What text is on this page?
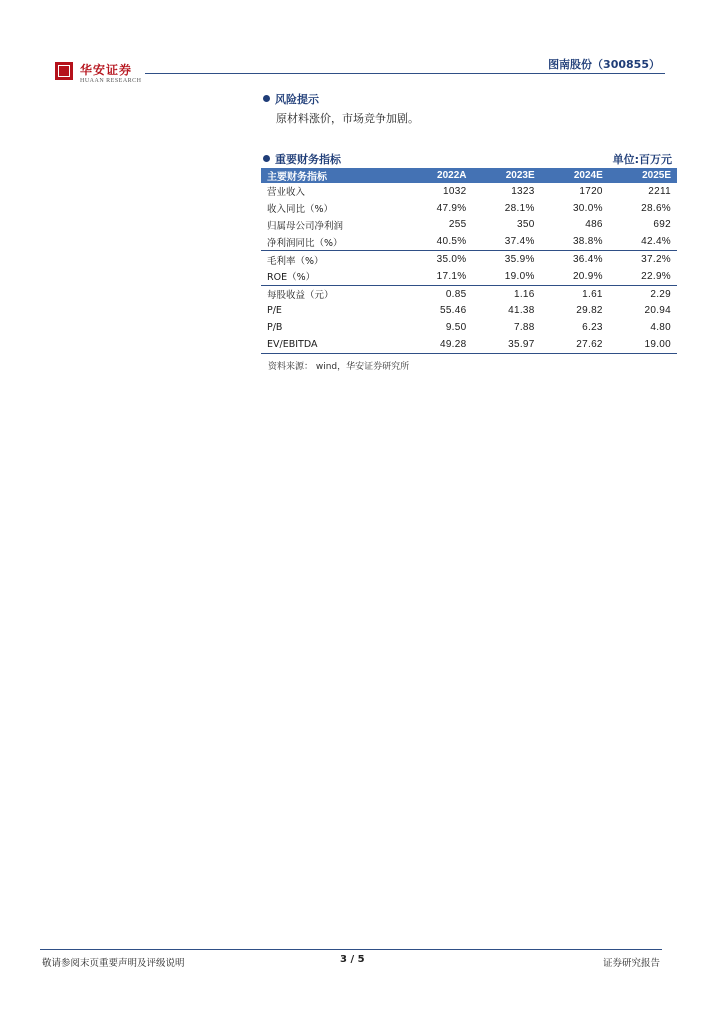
华安证券
HUAAN RESEARCH
图南股份（300855）
风险提示
原材料涨价，市场竞争加剧。
重要财务指标	单位:百万元
主要财务指标	2022A	2023E	2024E	2025E
营业收入	1032	1323	1720	2211
收入同比（%）	47.9%	28.1%	30.0%	28.6%
归属母公司净利润	255	350	486	692
净利润同比（%）	40.5%	37.4%	38.8%	42.4%
毛利率（%）	35.0%	35.9%	36.4%	37.2%
ROE（%）	17.1%	19.0%	20.9%	22.9%
每股收益（元）	0.85	1.16	1.61	2.29
P/E	55.46	41.38	29.82	20.94
P/B	9.50	7.88	6.23	4.80
EV/EBITDA	49.28	35.97	27.62	19.00
资料来源： wind，华安证券研究所
敬请参阅末页重要声明及评级说明	3 / 5	证券研究报告
